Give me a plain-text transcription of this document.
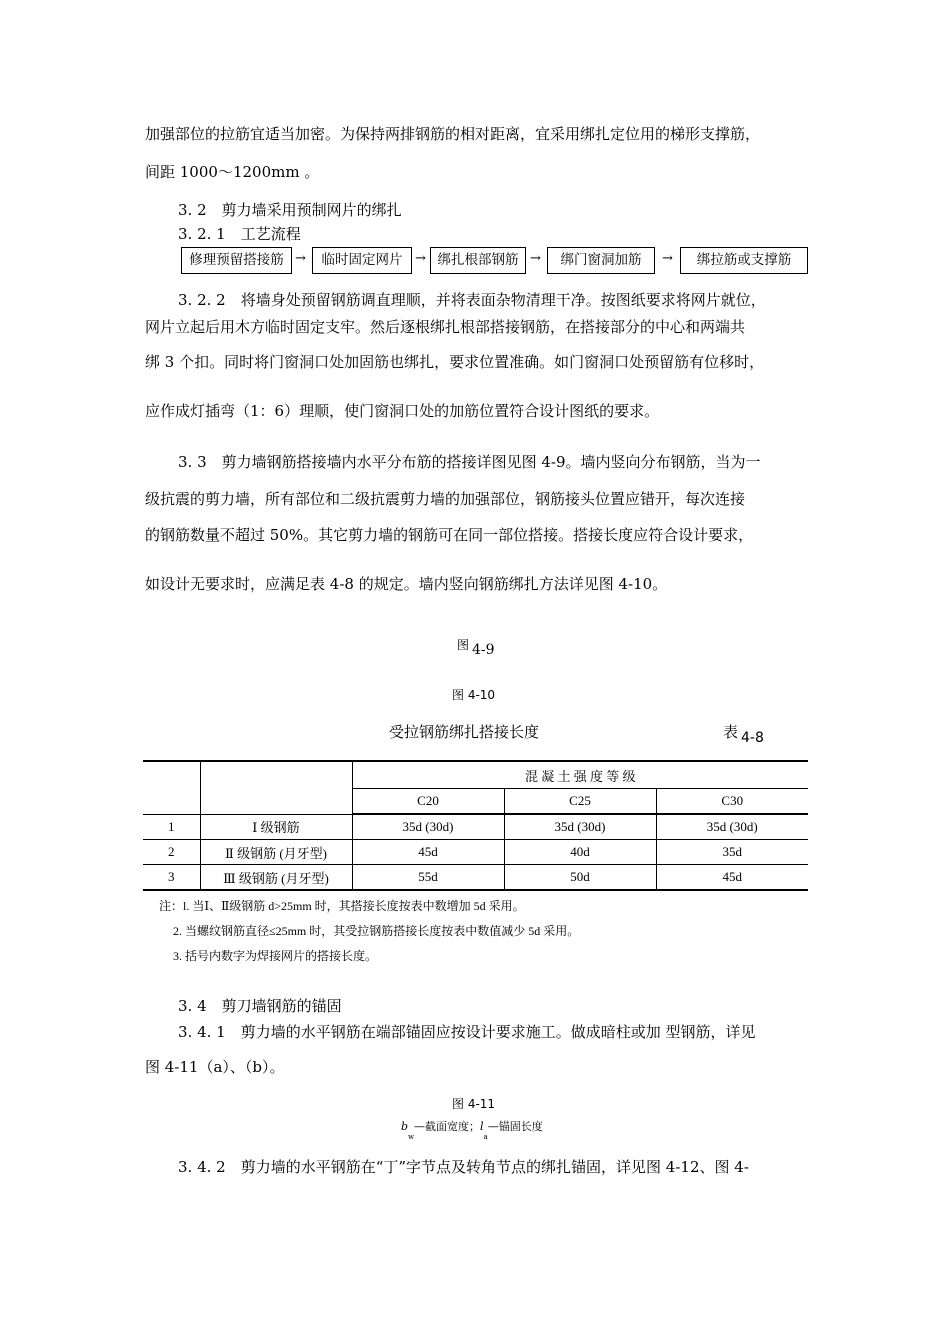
加强部位的拉筋宜适当加密。为保持两排钢筋的相对距离，宜采用绑扎定位用的梯形支撑筋，
间距 1000～1200mm 。
3. 2　剪力墙采用预制网片的绑扎
3. 2. 1　工艺流程
修理预留搭接筋 →	临时固定网片 → 绑扎根部钢筋 →	绑门窗洞加筋	→	绑拉筋或支撑筋
3. 2. 2　将墙身处预留钢筋调直理顺，并将表面杂物清理干净。按图纸要求将网片就位，
网片立起后用木方临时固定支牢。然后逐根绑扎根部搭接钢筋，在搭接部分的中心和两端共
绑 3 个扣。同时将门窗洞口处加固筋也绑扎，要求位置准确。如门窗洞口处预留筋有位移时，
应作成灯插弯（1：6）理顺，使门窗洞口处的加筋位置符合设计图纸的要求。
3. 3　剪力墙钢筋搭接墙内水平分布筋的搭接详图见图 4-9。墙内竖向分布钢筋，当为一
级抗震的剪力墙，所有部位和二级抗震剪力墙的加强部位，钢筋接头位置应错开，每次连接
的钢筋数量不超过 50%。其它剪力墙的钢筋可在同一部位搭接。搭接长度应符合设计要求，
如设计无要求时，应满足表 4-8 的规定。墙内竖向钢筋绑扎方法详见图 4-10。
图 4-9
图 4-10
受拉钢筋绑扎搭接长度	表 4-8
		混 凝 土 强 度 等 级		
		C20	C25	C30
1	Ⅰ 级钢筋	35d (30d)	35d (30d)	35d (30d)
2	Ⅱ 级钢筋 (月牙型)	45d	40d	35d
3	Ⅲ 级钢筋 (月牙型)	55d	50d	45d
注：l. 当Ⅰ、Ⅱ级钢筋 d>25mm 时，其搭接长度按表中数增加 5d 采用。
2. 当螺纹钢筋直径≤25mm 时，其受拉钢筋搭接长度按表中数值减少 5d 采用。
3. 括号内数字为焊接网片的搭接长度。
3. 4　剪刀墙钢筋的锚固
3. 4. 1　剪力墙的水平钢筋在端部锚固应按设计要求施工。做成暗柱或加 型钢筋，详见
图 4-11（a）、（b）。
图 4-11
$b_w—$截面宽度；$l_a—$锚固长度
3. 4. 2　剪力墙的水平钢筋在“丁”字节点及转角节点的绑扎锚固，详见图 4-12、图 4-
